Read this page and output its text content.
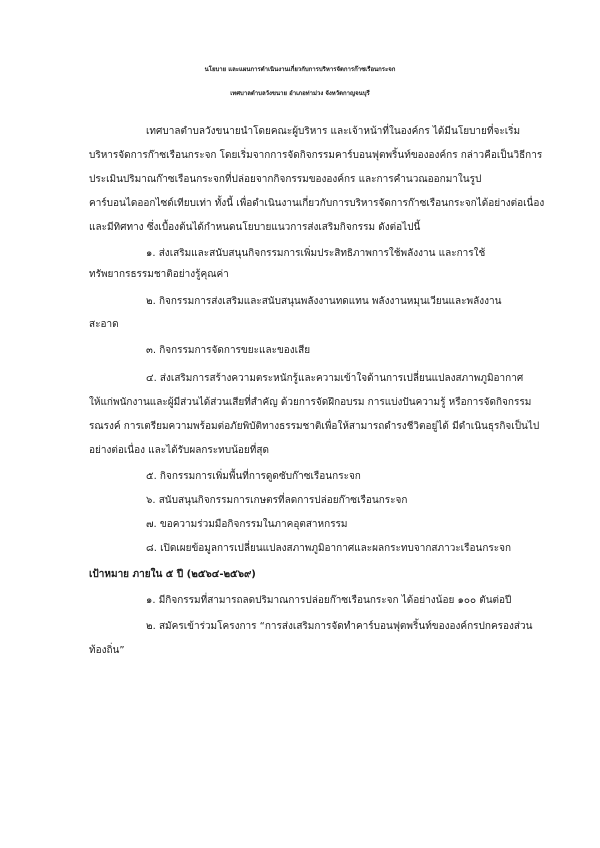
นโยบาย และแผนการดำเนินงานเกี่ยวกับการบริหารจัดการก๊าซเรือนกระจก
เทศบาลตำบลวังขนาย อำเภอท่าม่วง จังหวัดกาญจนบุรี
เทศบาลตำบลวังขนายนำโดยคณะผู้บริหาร และเจ้าหน้าที่ในองค์กร ได้มีนโยบายที่จะเริ่ม
บริหารจัดการก๊าซเรือนกระจก โดยเริ่มจากการจัดกิจกรรมคาร์บอนฟุตพริ้นท์ขององค์กร กล่าวคือเป็นวิธีการ
ประเมินปริมาณก๊าซเรือนกระจกที่ปล่อยจากกิจกรรมขององค์กร และการคำนวณออกมาในรูป
คาร์บอนไดออกไซด์เทียบเท่า ทั้งนี้ เพื่อดำเนินงานเกี่ยวกับการบริหารจัดการก๊าซเรือนกระจกได้อย่างต่อเนื่อง
และมีทิศทาง ซึ่งเบื้องต้นได้กำหนดนโยบายแนวการส่งเสริมกิจกรรม ดังต่อไปนี้
๑. ส่งเสริมและสนับสนุนกิจกรรมการเพิ่มประสิทธิภาพการใช้พลังงาน และการใช้
ทรัพยากรธรรมชาติอย่างรู้คุณค่า
๒. กิจกรรมการส่งเสริมและสนับสนุนพลังงานทดแทน พลังงานหมุนเวียนและพลังงาน
สะอาด
๓. กิจกรรมการจัดการขยะและของเสีย
๔. ส่งเสริมการสร้างความตระหนักรู้และความเข้าใจด้านการเปลี่ยนแปลงสภาพภูมิอากาศ
ให้แก่พนักงานและผู้มีส่วนได้ส่วนเสียที่สำคัญ ด้วยการจัดฝึกอบรม การแบ่งปันความรู้ หรือการจัดกิจกรรม
รณรงค์ การเตรียมความพร้อมต่อภัยพิบัติทางธรรมชาติเพื่อให้สามารถดำรงชีวิตอยู่ได้ มีดำเนินธุรกิจเป็นไป
อย่างต่อเนื่อง และได้รับผลกระทบน้อยที่สุด
๕. กิจกรรมการเพิ่มพื้นที่การดูดซับก๊าซเรือนกระจก
๖. สนับสนุนกิจกรรมการเกษตรที่ลดการปล่อยก๊าซเรือนกระจก
๗. ขอความร่วมมือกิจกรรมในภาคอุตสาหกรรม
๘. เปิดเผยข้อมูลการเปลี่ยนแปลงสภาพภูมิอากาศและผลกระทบจากสภาวะเรือนกระจก
เป้าหมาย ภายใน ๕ ปี (๒๕๖๔-๒๕๖๙)
๑. มีกิจกรรมที่สามารถลดปริมาณการปล่อยก๊าซเรือนกระจก ได้อย่างน้อย ๑๐๐ ตันต่อปี
๒. สมัครเข้าร่วมโครงการ “การส่งเสริมการจัดทำคาร์บอนฟุตพริ้นท์ขององค์กรปกครองส่วน
ท้องถิ่น”
